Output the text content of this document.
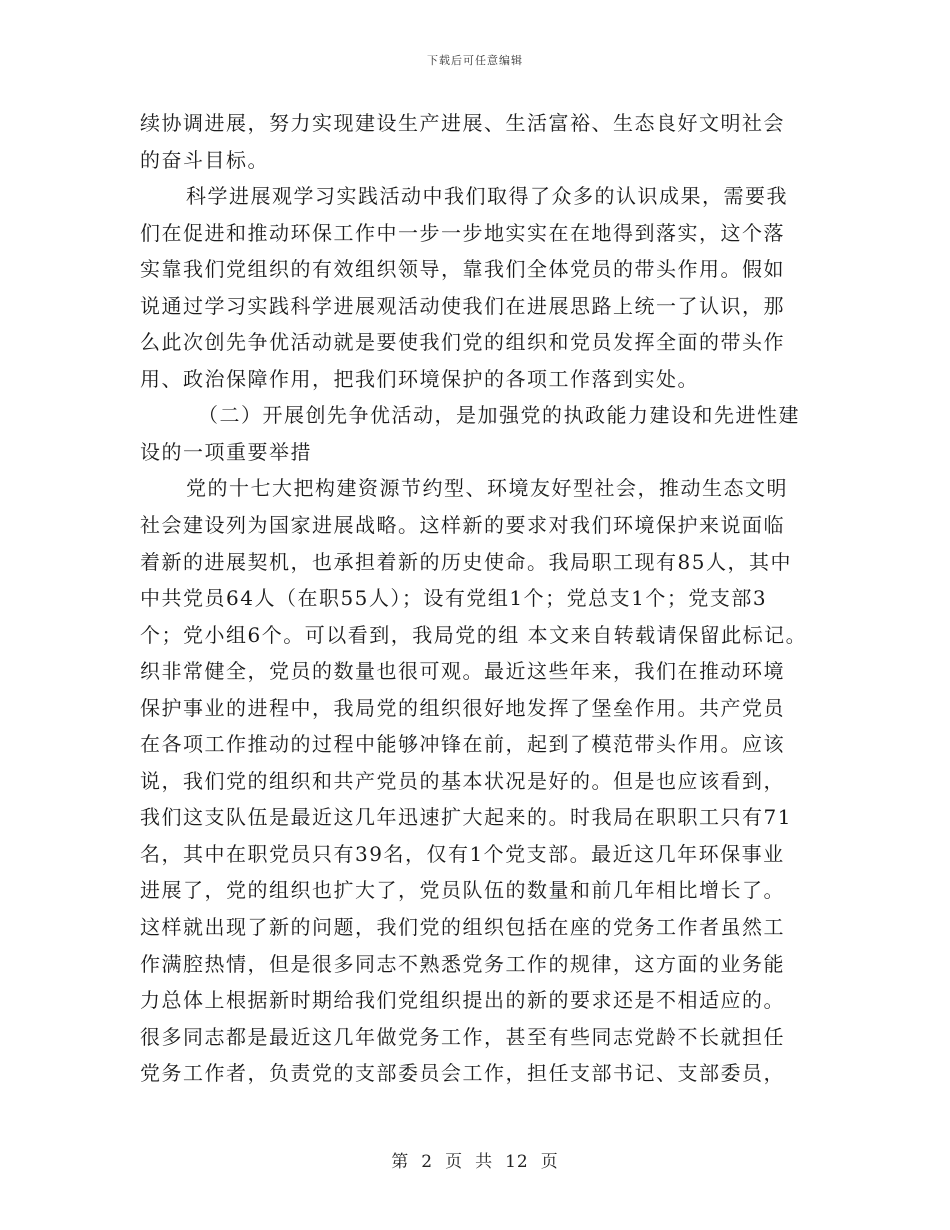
下载后可任意编辑
续协调进展，努力实现建设生产进展、生活富裕、生态良好文明社会
的奋斗目标。
科学进展观学习实践活动中我们取得了众多的认识成果，需要我
们在促进和推动环保工作中一步一步地实实在在地得到落实，这个落
实靠我们党组织的有效组织领导，靠我们全体党员的带头作用。假如
说通过学习实践科学进展观活动使我们在进展思路上统一了认识，那
么此次创先争优活动就是要使我们党的组织和党员发挥全面的带头作
用、政治保障作用，把我们环境保护的各项工作落到实处。
（二）开展创先争优活动，是加强党的执政能力建设和先进性建
设的一项重要举措
党的十七大把构建资源节约型、环境友好型社会，推动生态文明
社会建设列为国家进展战略。这样新的要求对我们环境保护来说面临
着新的进展契机，也承担着新的历史使命。我局职工现有85人，其中
中共党员64人（在职55人）；设有党组1个；党总支1个；党支部3
个；党小组6个。可以看到，我局党的组 本文来自转载请保留此标记。
织非常健全，党员的数量也很可观。最近这些年来，我们在推动环境
保护事业的进程中，我局党的组织很好地发挥了堡垒作用。共产党员
在各项工作推动的过程中能够冲锋在前，起到了模范带头作用。应该
说，我们党的组织和共产党员的基本状况是好的。但是也应该看到，
我们这支队伍是最近这几年迅速扩大起来的。时我局在职职工只有71
名，其中在职党员只有39名，仅有1个党支部。最近这几年环保事业
进展了，党的组织也扩大了，党员队伍的数量和前几年相比增长了。
这样就出现了新的问题，我们党的组织包括在座的党务工作者虽然工
作满腔热情，但是很多同志不熟悉党务工作的规律，这方面的业务能
力总体上根据新时期给我们党组织提出的新的要求还是不相适应的。
很多同志都是最近这几年做党务工作，甚至有些同志党龄不长就担任
党务工作者，负责党的支部委员会工作，担任支部书记、支部委员，
第 2 页 共 12 页
